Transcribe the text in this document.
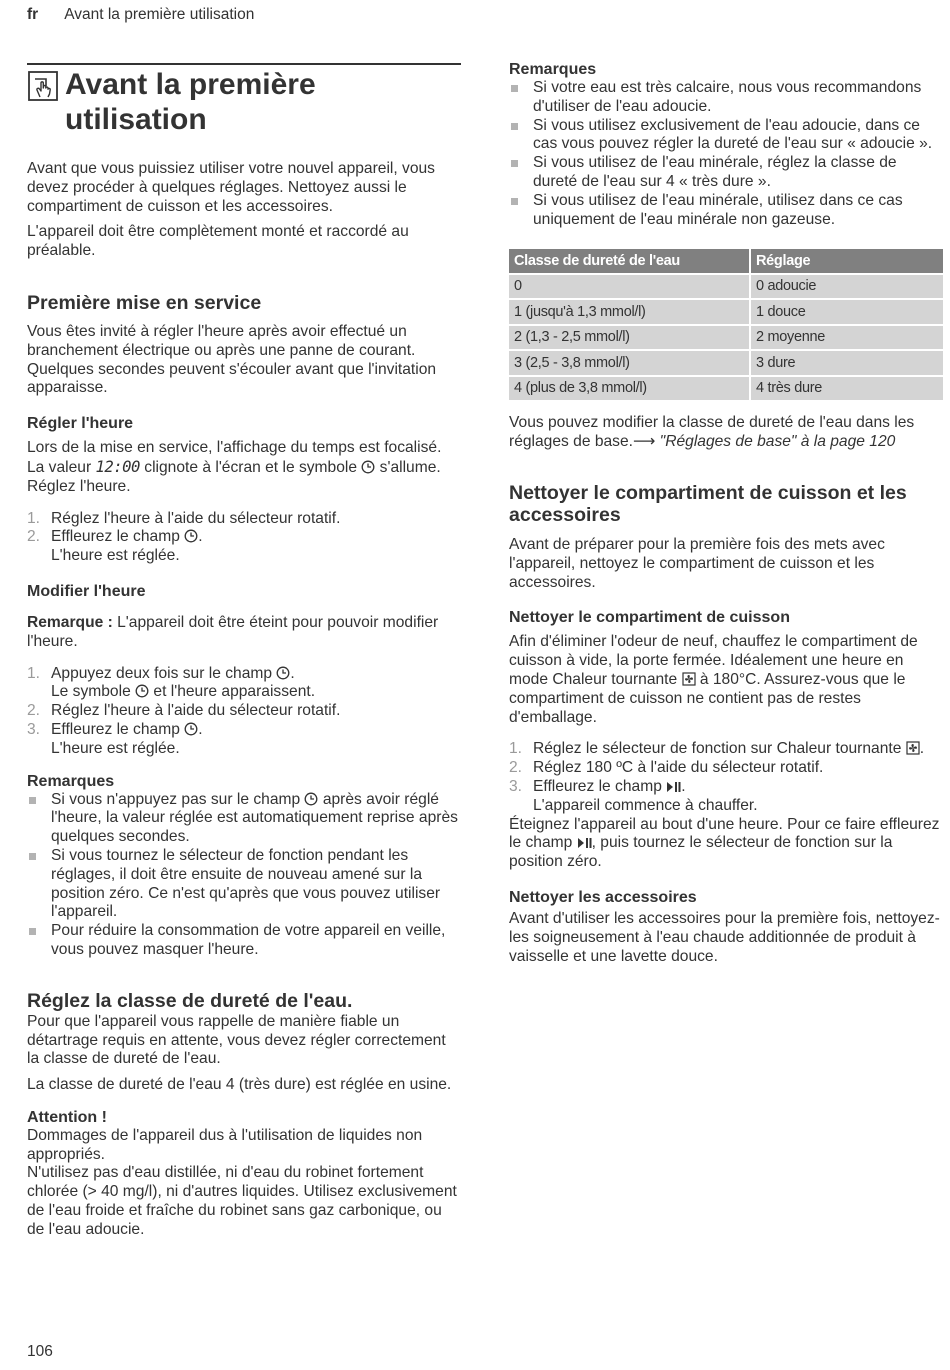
fr Avant la première utilisation
Avant la première
utilisation

Avant que vous puissiez utiliser votre nouvel appareil, vous devez procéder à quelques réglages. Nettoyez aussi le compartiment de cuisson et les accessoires.

L'appareil doit être complètement monté et raccordé au préalable.

Première mise en service

Vous êtes invité à régler l'heure après avoir effectué un branchement électrique ou après une panne de courant. Quelques secondes peuvent s'écouler avant que l'invitation apparaisse.

Régler l'heure

Lors de la mise en service, l'affichage du temps est focalisé. La valeur 12:00 clignote à l'écran et le symbole  s'allume. Réglez l'heure.

1. Réglez l'heure à l'aide du sélecteur rotatif.
2. Effleurez le champ .
L'heure est réglée.
Modifier l'heure

Remarque : L'appareil doit être éteint pour pouvoir modifier l'heure.

1. Appuyez deux fois sur le champ .
Le symbole  et l'heure apparaissent.
2. Réglez l'heure à l'aide du sélecteur rotatif.
3. Effleurez le champ .
L'heure est réglée.
Remarques
Si vous n'appuyez pas sur le champ  après avoir réglé l'heure, la valeur réglée est automatiquement reprise après quelques secondes.
Si vous tournez le sélecteur de fonction pendant les réglages, il doit être ensuite de nouveau amené sur la position zéro. Ce n'est qu'après que vous pouvez utiliser l'appareil.
Pour réduire la consommation de votre appareil en veille, vous pouvez masquer l'heure.
Réglez la classe de dureté de l'eau.

Pour que l'appareil vous rappelle de manière fiable un détartrage requis en attente, vous devez régler correctement la classe de dureté de l'eau.

La classe de dureté de l'eau 4 (très dure) est réglée en usine.

Attention !

Dommages de l'appareil dus à l'utilisation de liquides non appropriés.

N'utilisez pas d'eau distillée, ni d'eau du robinet fortement chlorée (> 40 mg/l), ni d'autres liquides. Utilisez exclusivement de l'eau froide et fraîche du robinet sans gaz carbonique, ou de l'eau adoucie.

Remarques
Si votre eau est très calcaire, nous vous recommandons d'utiliser de l'eau adoucie.
Si vous utilisez exclusivement de l'eau adoucie, dans ce cas vous pouvez régler la dureté de l'eau sur « adoucie ».
Si vous utilisez de l'eau minérale, réglez la classe de dureté de l'eau sur 4 « très dure ».
Si vous utilisez de l'eau minérale, utilisez dans ce cas uniquement de l'eau minérale non gazeuse.
Classe de dureté de l'eau	Réglage
0	0 adoucie
1 (jusqu'à 1,3 mmol/l)	1 douce
2 (1,3 - 2,5 mmol/l)	2 moyenne
3 (2,5 - 3,8 mmol/l)	3 dure
4 (plus de 3,8 mmol/l)	4 très dure

Vous pouvez modifier la classe de dureté de l'eau dans les réglages de base.⟶ "Réglages de base" à la page 120

Nettoyer le compartiment de cuisson et les accessoires

Avant de préparer pour la première fois des mets avec l'appareil, nettoyez le compartiment de cuisson et les accessoires.

Nettoyer le compartiment de cuisson

Afin d'éliminer l'odeur de neuf, chauffez le compartiment de cuisson à vide, la porte fermée. Idéalement une heure en mode Chaleur tournante  à 180°C. Assurez-vous que le compartiment de cuisson ne contient pas de restes d'emballage.

1. Réglez le sélecteur de fonction sur Chaleur tournante .
2. Réglez 180 ºC à l'aide du sélecteur rotatif.
3. Effleurez le champ .
L'appareil commence à chauffer.

Éteignez l'appareil au bout d'une heure. Pour ce faire effleurez le champ , puis tournez le sélecteur de fonction sur la position zéro.

Nettoyer les accessoires

Avant d'utiliser les accessoires pour la première fois, nettoyez-les soigneusement à l'eau chaude additionnée de produit à vaisselle et une lavette douce.

106
